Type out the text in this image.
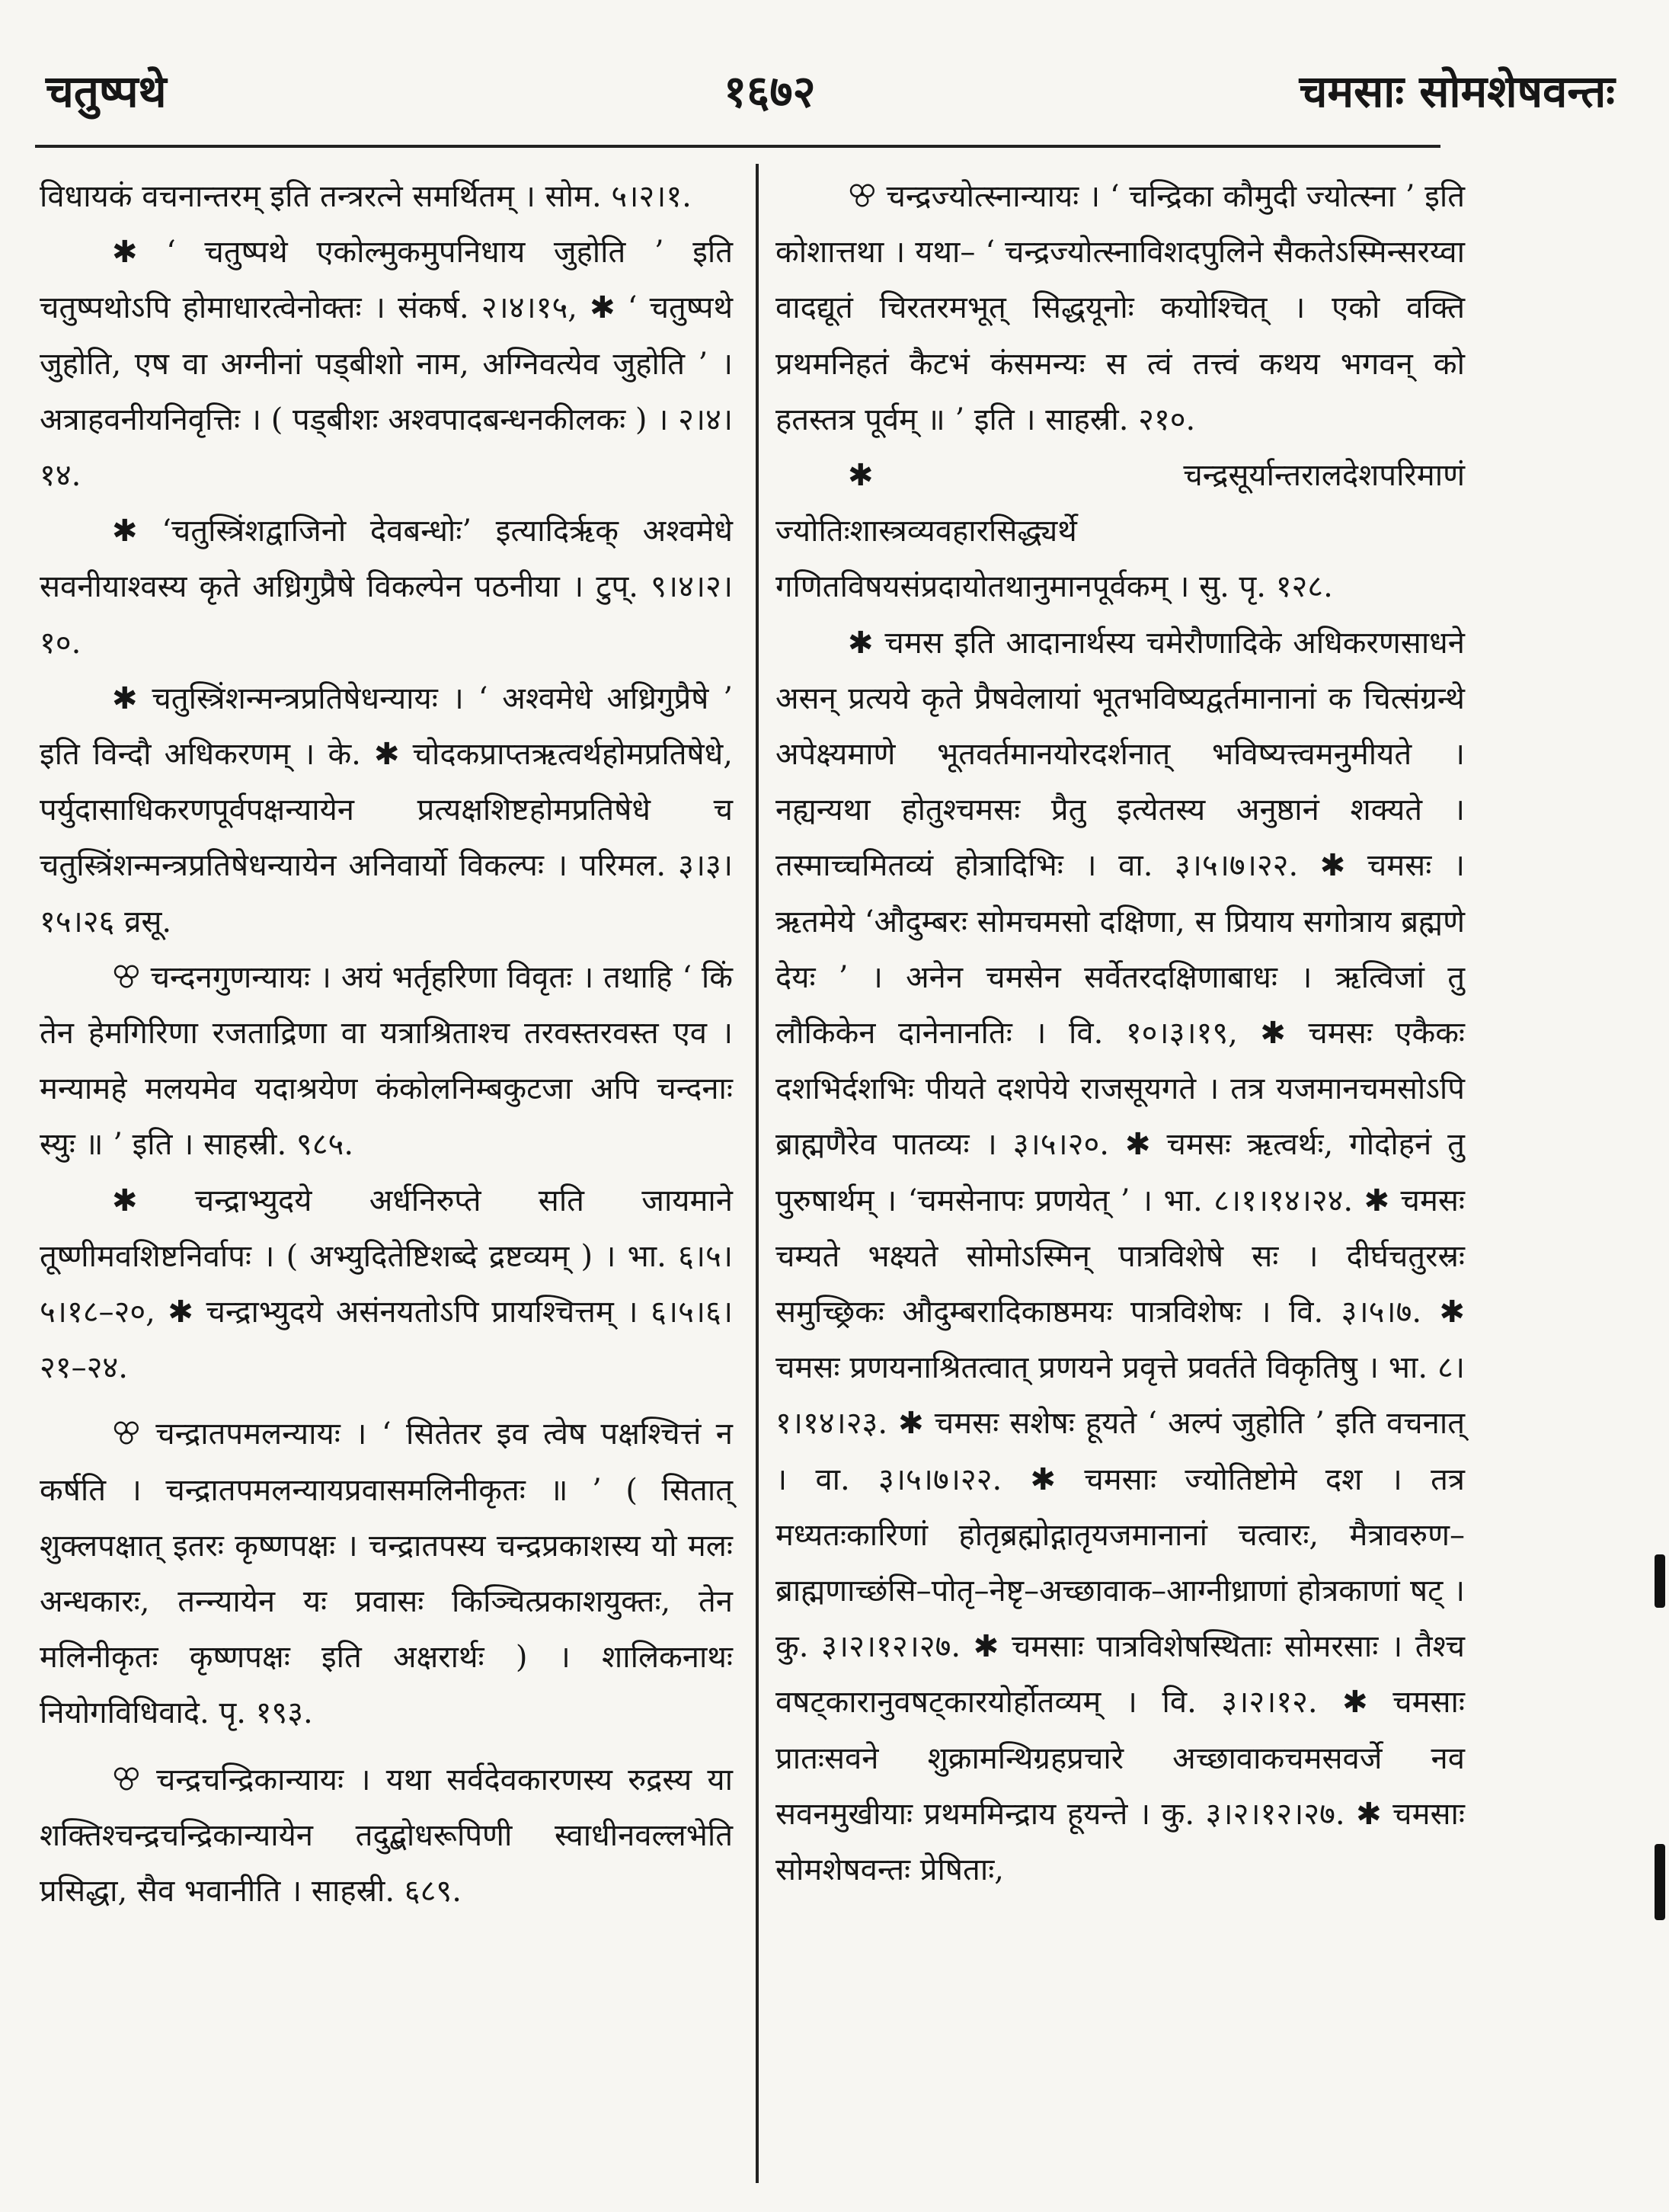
चतुष्पथे	१६७२	चमसाः सोमशेषवन्तः

विधायकं वचनान्तरम् इति तन्त्ररत्ने समर्थितम् । सोम. ५।२।१.

✱ ‘ चतुष्पथे एकोल्मुकमुपनिधाय जुहोति ’ इति चतुष्पथोऽपि होमाधारत्वेनोक्तः । संकर्ष. २।४।१५, ✱ ‘ चतुष्पथे जुहोति, एष वा अग्नीनां पड्बीशो नाम, अग्निवत्येव जुहोति ’ । अत्राहवनीयनिवृत्तिः । ( पड्बीशः अश्वपादबन्धनकीलकः ) । २।४।१४.

✱ ‘चतुस्त्रिंशद्वाजिनो देवबन्धोः’ इत्यादिर्ऋक् अश्वमेधे सवनीयाश्वस्य कृते अध्रिगुप्रैषे विकल्पेन पठनीया । टुप्. ९।४।२।१०.

✱ चतुस्त्रिंशन्मन्त्रप्रतिषेधन्यायः । ‘ अश्वमेधे अध्रिगुप्रैषे ’ इति विन्दौ अधिकरणम् । के. ✱ चोदकप्राप्तऋत्वर्थहोमप्रतिषेधे, पर्युदासाधिकरणपूर्वपक्षन्यायेन प्रत्यक्षशिष्टहोमप्रतिषेधे च चतुस्त्रिंशन्मन्त्रप्रतिषेधन्यायेन अनिवार्यो विकल्पः । परिमल. ३।३।१५।२६ व्रसू.

ꕢ चन्दनगुणन्यायः । अयं भर्तृहरिणा विवृतः । तथाहि ‘ किं तेन हेमगिरिणा रजताद्रिणा वा यत्राश्रिताश्च तरवस्तरवस्त एव । मन्यामहे मलयमेव यदाश्रयेण कंकोलनिम्बकुटजा अपि चन्दनाः स्युः ॥ ’ इति । साहस्री. ९८५.

✱ चन्द्राभ्युदये अर्धनिरुप्ते सति जायमाने तूष्णीमवशिष्टनिर्वापः । ( अभ्युदितेष्टिशब्दे द्रष्टव्यम् ) । भा. ६।५।५।१८–२०, ✱ चन्द्राभ्युदये असंनयतोऽपि प्रायश्चित्तम् । ६।५।६।२१–२४.

ꕢ चन्द्रातपमलन्यायः । ‘ सितेतर इव त्वेष पक्षश्चित्तं न कर्षति । चन्द्रातपमलन्यायप्रवासमलिनीकृतः ॥ ’ ( सितात् शुक्लपक्षात् इतरः कृष्णपक्षः । चन्द्रातपस्य चन्द्रप्रकाशस्य यो मलः अन्धकारः, तन्न्यायेन यः प्रवासः किञ्चित्प्रकाशयुक्तः, तेन मलिनीकृतः कृष्णपक्षः इति अक्षरार्थः ) । शालिकनाथः नियोगविधिवादे. पृ. १९३.

ꕢ चन्द्रचन्द्रिकान्यायः । यथा सर्वदेवकारणस्य रुद्रस्य या शक्तिश्चन्द्रचन्द्रिकान्यायेन तदुद्बोधरूपिणी स्वाधीनवल्लभेति प्रसिद्धा, सैव भवानीति । साहस्री. ६८९.

ꕢ चन्द्रज्योत्स्नान्यायः । ‘ चन्द्रिका कौमुदी ज्योत्स्ना ’ इति कोशात्तथा । यथा– ‘ चन्द्रज्योत्स्नाविशदपुलिने सैकतेऽस्मिन्सरय्वा वादद्यूतं चिरतरमभूत् सिद्धयूनोः कयोश्चित् । एको वक्ति प्रथमनिहतं कैटभं कंसमन्यः स त्वं तत्त्वं कथय भगवन् को हतस्तत्र पूर्वम् ॥ ’ इति । साहस्री. २१०.

✱ चन्द्रसूर्यान्तरालदेशपरिमाणं ज्योतिःशास्त्रव्यवहारसिद्ध्यर्थे गणितविषयसंप्रदायोतथानुमानपूर्वकम् । सु. पृ. १२८.

✱ चमस इति आदानार्थस्य चमेरौणादिके अधिकरणसाधने असन् प्रत्यये कृते प्रैषवेलायां भूतभविष्यद्वर्तमानानां क चित्संग्रन्थे अपेक्ष्यमाणे भूतवर्तमानयोरदर्शनात् भविष्यत्त्वमनुमीयते । नह्यन्यथा होतुश्चमसः प्रैतु इत्येतस्य अनुष्ठानं शक्यते । तस्माच्चमितव्यं होत्रादिभिः । वा. ३।५।७।२२. ✱ चमसः । ऋतमेये ‘औदुम्बरः सोमचमसो दक्षिणा, स प्रियाय सगोत्राय ब्रह्मणे देयः ’ । अनेन चमसेन सर्वेतरदक्षिणाबाधः । ऋत्विजां तु लौकिकेन दानेनानतिः । वि. १०।३।१९, ✱ चमसः एकैकः दशभिर्दशभिः पीयते दशपेये राजसूयगते । तत्र यजमानचमसोऽपि ब्राह्मणैरेव पातव्यः । ३।५।२०. ✱ चमसः ऋत्वर्थः, गोदोहनं तु पुरुषार्थम् । ‘चमसेनापः प्रणयेत् ’ । भा. ८।१।१४।२४. ✱ चमसः चम्यते भक्ष्यते सोमोऽस्मिन् पात्रविशेषे सः । दीर्घचतुरस्रः समुच्छ्रिकः औदुम्बरादिकाष्ठमयः पात्रविशेषः । वि. ३।५।७. ✱ चमसः प्रणयनाश्रितत्वात् प्रणयने प्रवृत्ते प्रवर्तते विकृतिषु । भा. ८।१।१४।२३. ✱ चमसः सशेषः हूयते ‘ अल्पं जुहोति ’ इति वचनात् । वा. ३।५।७।२२. ✱ चमसाः ज्योतिष्टोमे दश । तत्र मध्यतःकारिणां होतृब्रह्मोद्गातृयजमानानां चत्वारः, मैत्रावरुण–ब्राह्मणाच्छंसि–पोतृ–नेष्टृ–अच्छावाक–आग्नीध्राणां होत्रकाणां षट् । कु. ३।२।१२।२७. ✱ चमसाः पात्रविशेषस्थिताः सोमरसाः । तैश्च वषट्कारानुवषट्कारयोर्होतव्यम् । वि. ३।२।१२. ✱ चमसाः प्रातःसवने शुक्रामन्थिग्रहप्रचारे अच्छावाकचमसवर्जे नव सवनमुखीयाः प्रथममिन्द्राय हूयन्ते । कु. ३।२।१२।२७. ✱ चमसाः सोमशेषवन्तः प्रेषिताः,
